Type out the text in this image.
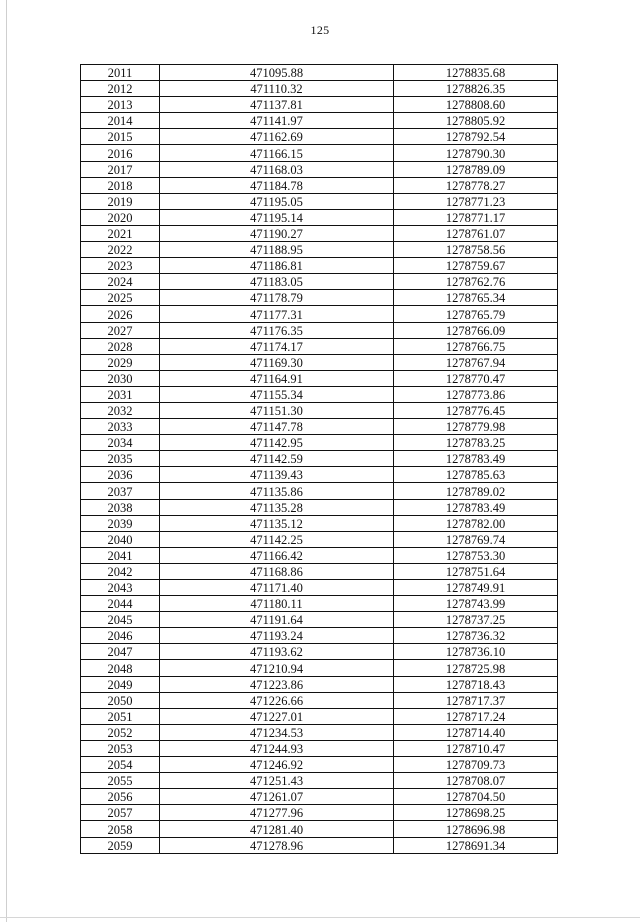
125
2011	471095.88	1278835.68
2012	471110.32	1278826.35
2013	471137.81	1278808.60
2014	471141.97	1278805.92
2015	471162.69	1278792.54
2016	471166.15	1278790.30
2017	471168.03	1278789.09
2018	471184.78	1278778.27
2019	471195.05	1278771.23
2020	471195.14	1278771.17
2021	471190.27	1278761.07
2022	471188.95	1278758.56
2023	471186.81	1278759.67
2024	471183.05	1278762.76
2025	471178.79	1278765.34
2026	471177.31	1278765.79
2027	471176.35	1278766.09
2028	471174.17	1278766.75
2029	471169.30	1278767.94
2030	471164.91	1278770.47
2031	471155.34	1278773.86
2032	471151.30	1278776.45
2033	471147.78	1278779.98
2034	471142.95	1278783.25
2035	471142.59	1278783.49
2036	471139.43	1278785.63
2037	471135.86	1278789.02
2038	471135.28	1278783.49
2039	471135.12	1278782.00
2040	471142.25	1278769.74
2041	471166.42	1278753.30
2042	471168.86	1278751.64
2043	471171.40	1278749.91
2044	471180.11	1278743.99
2045	471191.64	1278737.25
2046	471193.24	1278736.32
2047	471193.62	1278736.10
2048	471210.94	1278725.98
2049	471223.86	1278718.43
2050	471226.66	1278717.37
2051	471227.01	1278717.24
2052	471234.53	1278714.40
2053	471244.93	1278710.47
2054	471246.92	1278709.73
2055	471251.43	1278708.07
2056	471261.07	1278704.50
2057	471277.96	1278698.25
2058	471281.40	1278696.98
2059	471278.96	1278691.34
